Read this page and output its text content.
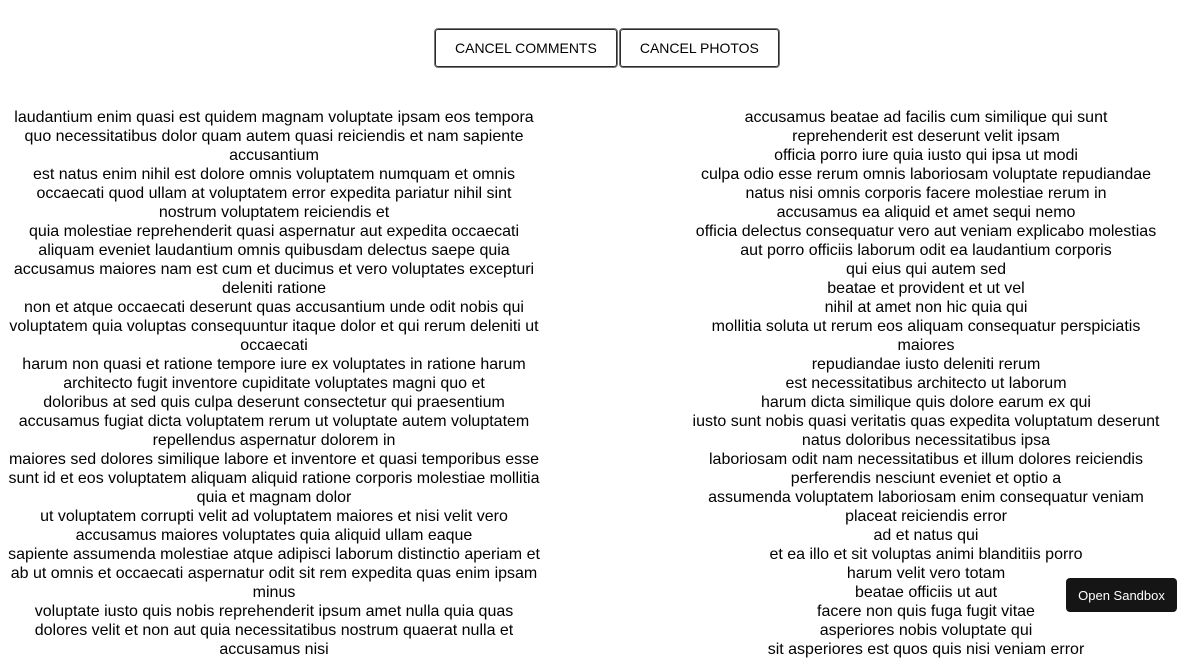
CANCEL COMMENTS	CANCEL PHOTOS

laudantium enim quasi est quidem magnam voluptate ipsam eos tempora quo necessitatibus dolor quam autem quasi reiciendis et nam sapiente accusantium

est natus enim nihil est dolore omnis voluptatem numquam et omnis occaecati quod ullam at voluptatem error expedita pariatur nihil sint nostrum voluptatem reiciendis et

quia molestiae reprehenderit quasi aspernatur aut expedita occaecati aliquam eveniet laudantium omnis quibusdam delectus saepe quia accusamus maiores nam est cum et ducimus et vero voluptates excepturi deleniti ratione

non et atque occaecati deserunt quas accusantium unde odit nobis qui voluptatem quia voluptas consequuntur itaque dolor et qui rerum deleniti ut occaecati

harum non quasi et ratione tempore iure ex voluptates in ratione harum architecto fugit inventore cupiditate voluptates magni quo et

doloribus at sed quis culpa deserunt consectetur qui praesentium accusamus fugiat dicta voluptatem rerum ut voluptate autem voluptatem repellendus aspernatur dolorem in

maiores sed dolores similique labore et inventore et quasi temporibus esse sunt id et eos voluptatem aliquam aliquid ratione corporis molestiae mollitia quia et magnam dolor

ut voluptatem corrupti velit ad voluptatem maiores et nisi velit vero accusamus maiores voluptates quia aliquid ullam eaque

sapiente assumenda molestiae atque adipisci laborum distinctio aperiam et ab ut omnis et occaecati aspernatur odit sit rem expedita quas enim ipsam minus

voluptate iusto quis nobis reprehenderit ipsum amet nulla quia quas dolores velit et non aut quia necessitatibus nostrum quaerat nulla et accusamus nisi

accusamus beatae ad facilis cum similique qui sunt

reprehenderit est deserunt velit ipsam

officia porro iure quia iusto qui ipsa ut modi

culpa odio esse rerum omnis laboriosam voluptate repudiandae

natus nisi omnis corporis facere molestiae rerum in

accusamus ea aliquid et amet sequi nemo

officia delectus consequatur vero aut veniam explicabo molestias

aut porro officiis laborum odit ea laudantium corporis

qui eius qui autem sed

beatae et provident et ut vel

nihil at amet non hic quia qui

mollitia soluta ut rerum eos aliquam consequatur perspiciatis maiores

repudiandae iusto deleniti rerum

est necessitatibus architecto ut laborum

harum dicta similique quis dolore earum ex qui

iusto sunt nobis quasi veritatis quas expedita voluptatum deserunt

natus doloribus necessitatibus ipsa

laboriosam odit nam necessitatibus et illum dolores reiciendis

perferendis nesciunt eveniet et optio a

assumenda voluptatem laboriosam enim consequatur veniam placeat reiciendis error

ad et natus qui

et ea illo et sit voluptas animi blanditiis porro

harum velit vero totam

beatae officiis ut aut

facere non quis fuga fugit vitae

asperiores nobis voluptate qui

sit asperiores est quos quis nisi veniam error

Open Sandbox
